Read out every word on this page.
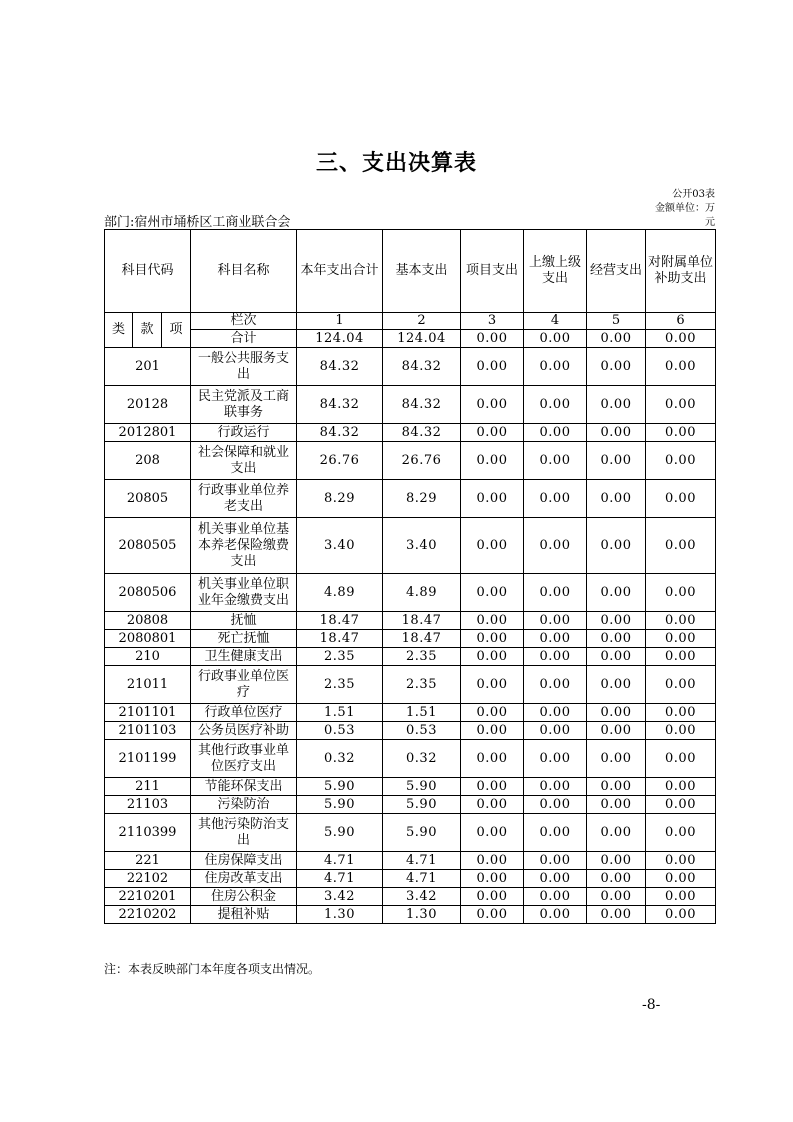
三、支出决算表
公开03表
金额单位：万
元
部门:宿州市埇桥区工商业联合会
科目代码			科目名称	本年支出合计	基本支出	项目支出	上缴上级支出	经营支出	对附属单位补助支出
类	款	项	栏次	1	2	3	4	5	6
			合计	124.04	124.04	0.00	0.00	0.00	0.00
201			一般公共服务支出	84.32	84.32	0.00	0.00	0.00	0.00
20128			民主党派及工商联事务	84.32	84.32	0.00	0.00	0.00	0.00
2012801			行政运行	84.32	84.32	0.00	0.00	0.00	0.00
208			社会保障和就业支出	26.76	26.76	0.00	0.00	0.00	0.00
20805			行政事业单位养老支出	8.29	8.29	0.00	0.00	0.00	0.00
2080505			机关事业单位基本养老保险缴费支出	3.40	3.40	0.00	0.00	0.00	0.00
2080506			机关事业单位职业年金缴费支出	4.89	4.89	0.00	0.00	0.00	0.00
20808			抚恤	18.47	18.47	0.00	0.00	0.00	0.00
2080801			死亡抚恤	18.47	18.47	0.00	0.00	0.00	0.00
210			卫生健康支出	2.35	2.35	0.00	0.00	0.00	0.00
21011			行政事业单位医疗	2.35	2.35	0.00	0.00	0.00	0.00
2101101			行政单位医疗	1.51	1.51	0.00	0.00	0.00	0.00
2101103			公务员医疗补助	0.53	0.53	0.00	0.00	0.00	0.00
2101199			其他行政事业单位医疗支出	0.32	0.32	0.00	0.00	0.00	0.00
211			节能环保支出	5.90	5.90	0.00	0.00	0.00	0.00
21103			污染防治	5.90	5.90	0.00	0.00	0.00	0.00
2110399			其他污染防治支出	5.90	5.90	0.00	0.00	0.00	0.00
221			住房保障支出	4.71	4.71	0.00	0.00	0.00	0.00
22102			住房改革支出	4.71	4.71	0.00	0.00	0.00	0.00
2210201			住房公积金	3.42	3.42	0.00	0.00	0.00	0.00
2210202			提租补贴	1.30	1.30	0.00	0.00	0.00	0.00
注：本表反映部门本年度各项支出情况。
-8-
